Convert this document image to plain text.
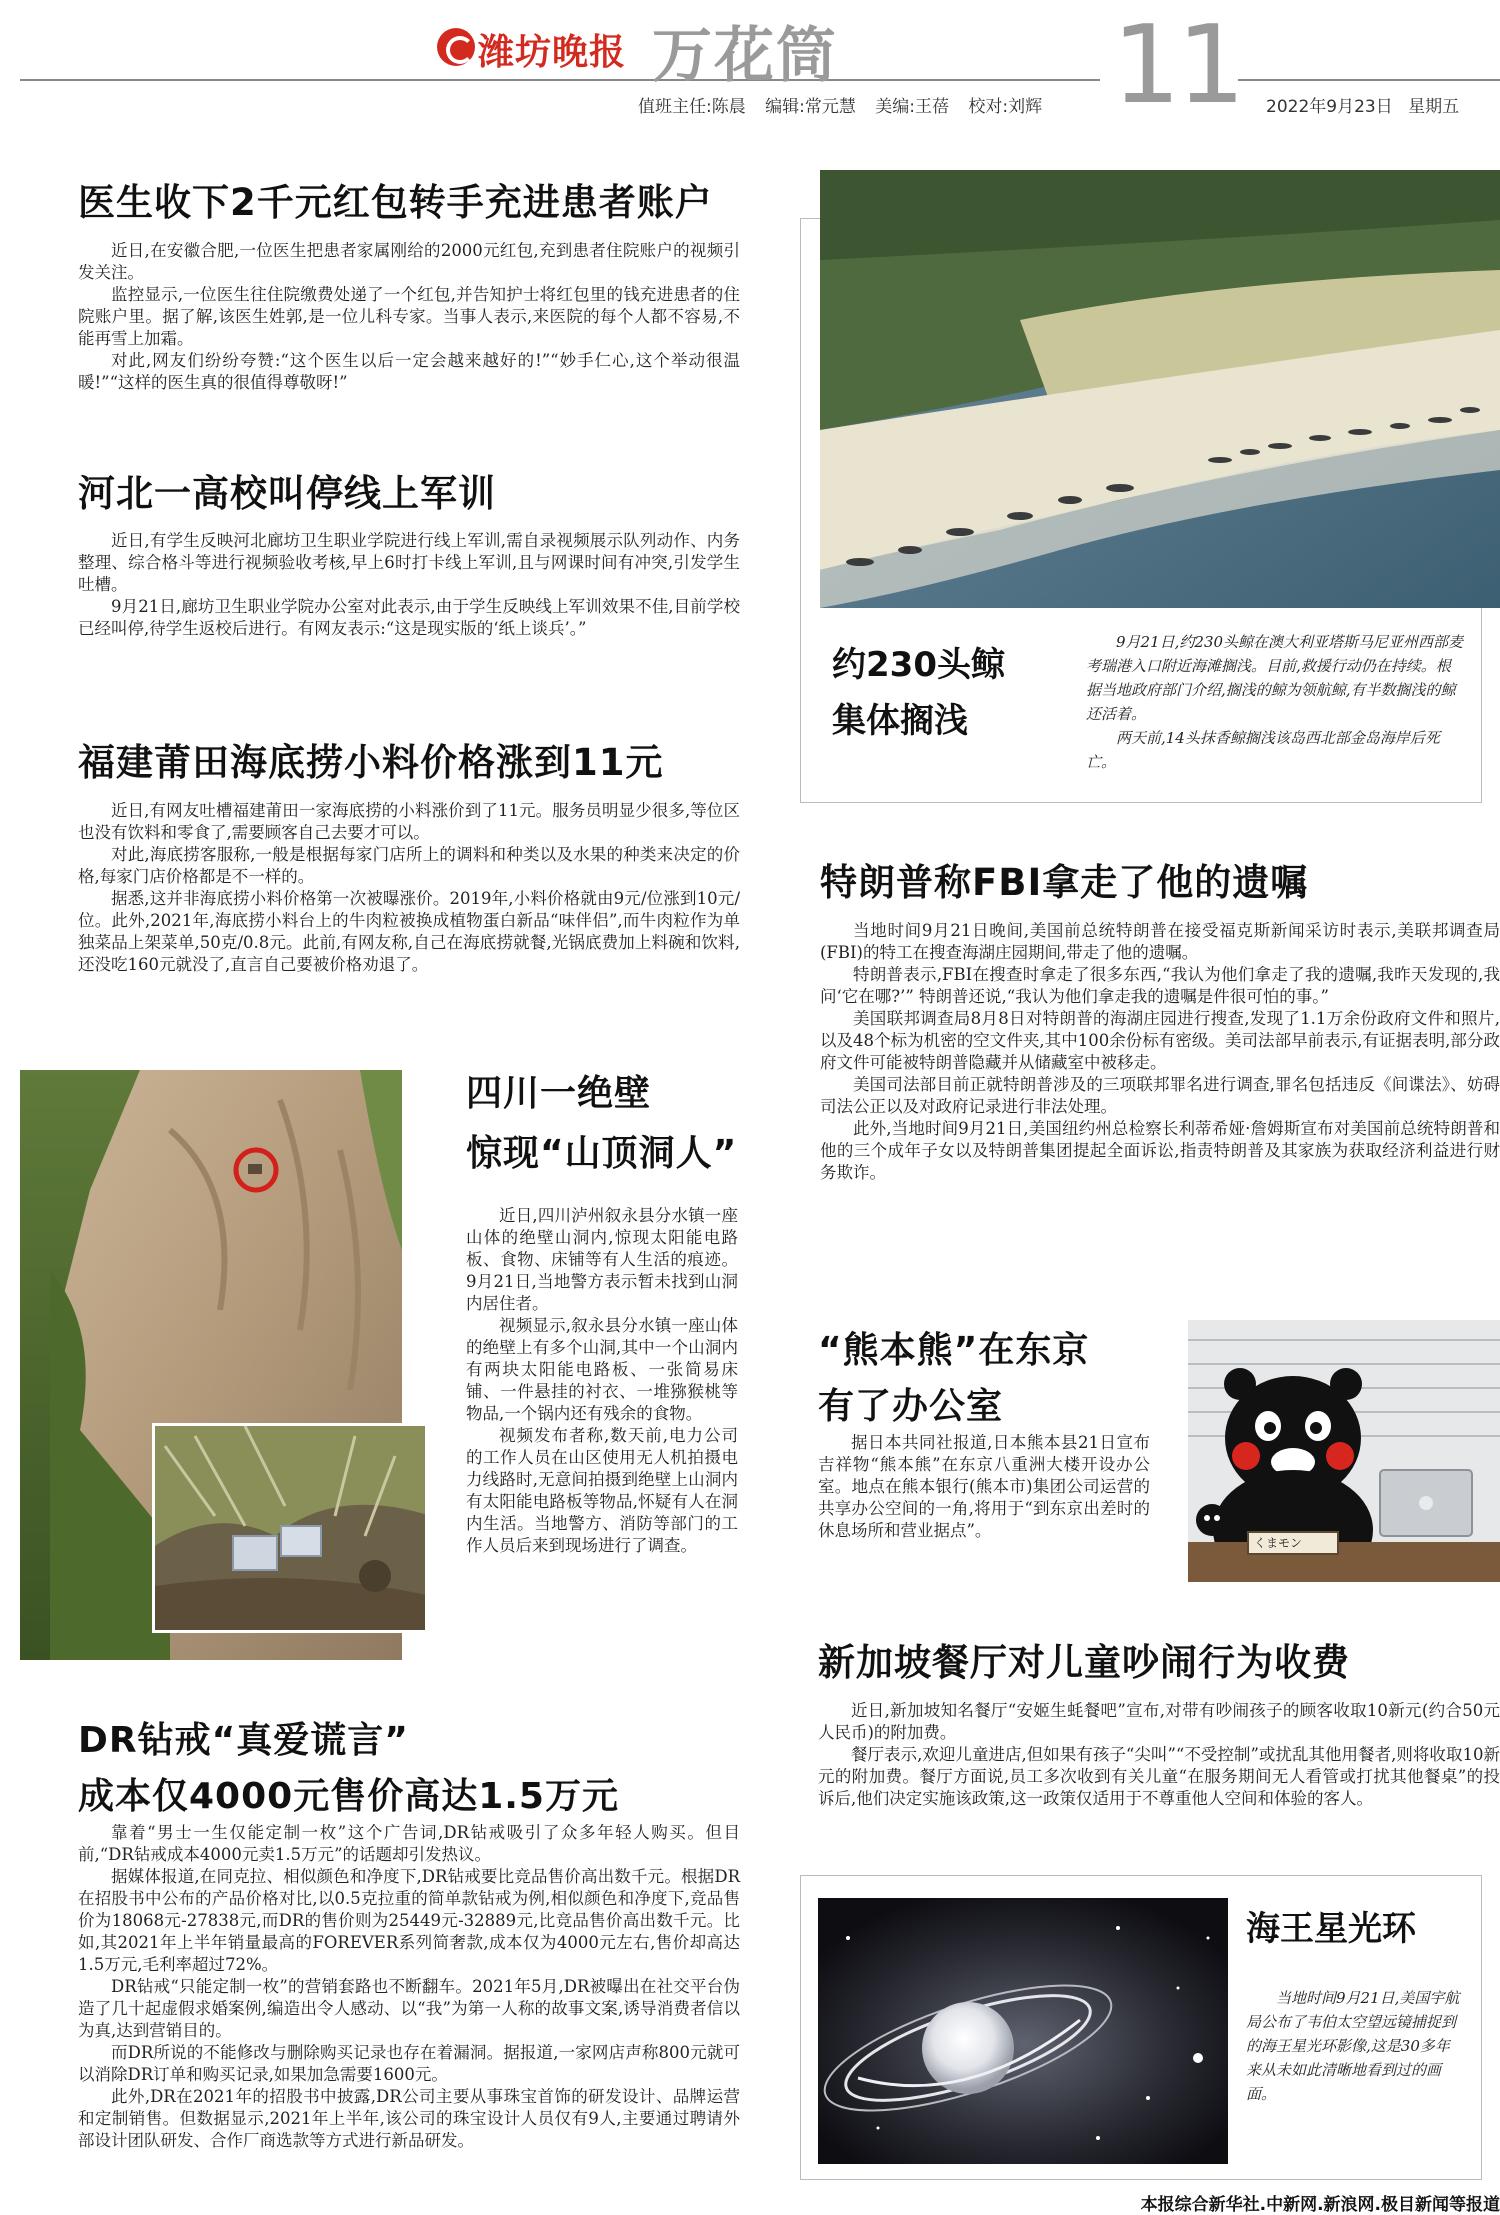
潍坊晚报 万花筒	11
值班主任:陈晨 编辑:常元慧 美编:王蓓 校对:刘辉	2022年9月23日 星期五
医生收下2千元红包转手充进患者账户

近日,在安徽合肥,一位医生把患者家属刚给的2000元红包,充到患者住院账户的视频引发关注。

监控显示,一位医生往住院缴费处递了一个红包,并告知护士将红包里的钱充进患者的住院账户里。据了解,该医生姓郭,是一位儿科专家。当事人表示,来医院的每个人都不容易,不能再雪上加霜。

对此,网友们纷纷夸赞:“这个医生以后一定会越来越好的!”“妙手仁心,这个举动很温暖!”“这样的医生真的很值得尊敬呀!”

河北一高校叫停线上军训

近日,有学生反映河北廊坊卫生职业学院进行线上军训,需自录视频展示队列动作、内务整理、综合格斗等进行视频验收考核,早上6时打卡线上军训,且与网课时间有冲突,引发学生吐槽。

9月21日,廊坊卫生职业学院办公室对此表示,由于学生反映线上军训效果不佳,目前学校已经叫停,待学生返校后进行。有网友表示:“这是现实版的‘纸上谈兵’。”

福建莆田海底捞小料价格涨到11元

近日,有网友吐槽福建莆田一家海底捞的小料涨价到了11元。服务员明显少很多,等位区也没有饮料和零食了,需要顾客自己去要才可以。

对此,海底捞客服称,一般是根据每家门店所上的调料和种类以及水果的种类来决定的价格,每家门店价格都是不一样的。

据悉,这并非海底捞小料价格第一次被曝涨价。2019年,小料价格就由9元/位涨到10元/位。此外,2021年,海底捞小料台上的牛肉粒被换成植物蛋白新品“味伴侣”,而牛肉粒作为单独菜品上架菜单,50克/0.8元。此前,有网友称,自己在海底捞就餐,光锅底费加上料碗和饮料,还没吃160元就没了,直言自己要被价格劝退了。

四川一绝壁
惊现“山顶洞人”

近日,四川泸州叙永县分水镇一座山体的绝壁山洞内,惊现太阳能电路板、食物、床铺等有人生活的痕迹。9月21日,当地警方表示暂未找到山洞内居住者。

视频显示,叙永县分水镇一座山体的绝壁上有多个山洞,其中一个山洞内有两块太阳能电路板、一张简易床铺、一件悬挂的衬衣、一堆猕猴桃等物品,一个锅内还有残余的食物。

视频发布者称,数天前,电力公司的工作人员在山区使用无人机拍摄电力线路时,无意间拍摄到绝壁上山洞内有太阳能电路板等物品,怀疑有人在洞内生活。当地警方、消防等部门的工作人员后来到现场进行了调查。

DR钻戒“真爱谎言”
成本仅4000元售价高达1.5万元

靠着“男士一生仅能定制一枚”这个广告词,DR钻戒吸引了众多年轻人购买。但目前,“DR钻戒成本4000元卖1.5万元”的话题却引发热议。

据媒体报道,在同克拉、相似颜色和净度下,DR钻戒要比竞品售价高出数千元。根据DR在招股书中公布的产品价格对比,以0.5克拉重的简单款钻戒为例,相似颜色和净度下,竞品售价为18068元-27838元,而DR的售价则为25449元-32889元,比竞品售价高出数千元。比如,其2021年上半年销量最高的FOREVER系列简奢款,成本仅为4000元左右,售价却高达1.5万元,毛利率超过72%。

DR钻戒“只能定制一枚”的营销套路也不断翻车。2021年5月,DR被曝出在社交平台伪造了几十起虚假求婚案例,编造出令人感动、以“我”为第一人称的故事文案,诱导消费者信以为真,达到营销目的。

而DR所说的不能修改与删除购买记录也存在着漏洞。据报道,一家网店声称800元就可以消除DR订单和购买记录,如果加急需要1600元。

此外,DR在2021年的招股书中披露,DR公司主要从事珠宝首饰的研发设计、品牌运营和定制销售。但数据显示,2021年上半年,该公司的珠宝设计人员仅有9人,主要通过聘请外部设计团队研发、合作厂商选款等方式进行新品研发。

约230头鲸
集体搁浅

9月21日,约230头鲸在澳大利亚塔斯马尼亚州西部麦考瑞港入口附近海滩搁浅。目前,救援行动仍在持续。根据当地政府部门介绍,搁浅的鲸为领航鲸,有半数搁浅的鲸还活着。

两天前,14头抹香鲸搁浅该岛西北部金岛海岸后死亡。

特朗普称FBI拿走了他的遗嘱

当地时间9月21日晚间,美国前总统特朗普在接受福克斯新闻采访时表示,美联邦调查局(FBI)的特工在搜查海湖庄园期间,带走了他的遗嘱。

特朗普表示,FBI在搜查时拿走了很多东西,“我认为他们拿走了我的遗嘱,我昨天发现的,我问‘它在哪?’” 特朗普还说,“我认为他们拿走我的遗嘱是件很可怕的事。”

美国联邦调查局8月8日对特朗普的海湖庄园进行搜查,发现了1.1万余份政府文件和照片,以及48个标为机密的空文件夹,其中100余份标有密级。美司法部早前表示,有证据表明,部分政府文件可能被特朗普隐藏并从储藏室中被移走。

美国司法部目前正就特朗普涉及的三项联邦罪名进行调查,罪名包括违反《间谍法》、妨碍司法公正以及对政府记录进行非法处理。

此外,当地时间9月21日,美国纽约州总检察长利蒂希娅·詹姆斯宣布对美国前总统特朗普和他的三个成年子女以及特朗普集团提起全面诉讼,指责特朗普及其家族为获取经济利益进行财务欺诈。

“熊本熊”在东京
有了办公室

据日本共同社报道,日本熊本县21日宣布吉祥物“熊本熊”在东京八重洲大楼开设办公室。地点在熊本银行(熊本市)集团公司运营的共享办公空间的一角,将用于“到东京出差时的休息场所和营业据点”。

くまモン
新加坡餐厅对儿童吵闹行为收费

近日,新加坡知名餐厅“安姬生蚝餐吧”宣布,对带有吵闹孩子的顾客收取10新元(约合50元人民币)的附加费。

餐厅表示,欢迎儿童进店,但如果有孩子“尖叫”“不受控制”或扰乱其他用餐者,则将收取10新元的附加费。餐厅方面说,员工多次收到有关儿童“在服务期间无人看管或打扰其他餐桌”的投诉后,他们决定实施该政策,这一政策仅适用于不尊重他人空间和体验的客人。

海王星光环

当地时间9月21日,美国宇航局公布了韦伯太空望远镜捕捉到的海王星光环影像,这是30多年来从未如此清晰地看到过的画面。

本报综合新华社.中新网.新浪网.极目新闻等报道
